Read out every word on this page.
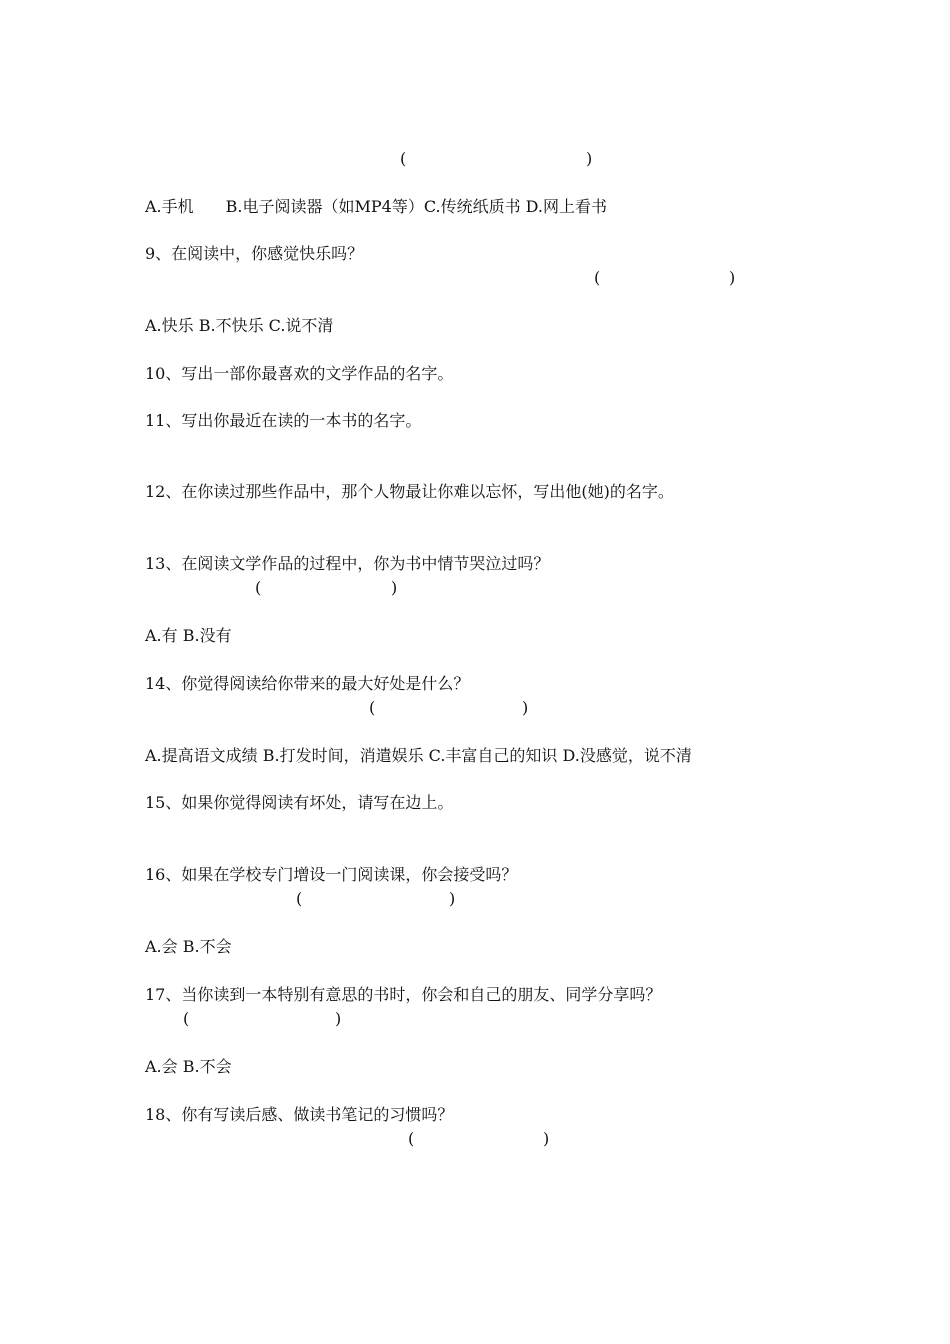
(	)
A.手机　　B.电子阅读器（如MP4等）C.传统纸质书 D.网上看书
9、在阅读中，你感觉快乐吗？
(	)
A.快乐 B.不快乐 C.说不清
10、写出一部你最喜欢的文学作品的名字。
11、写出你最近在读的一本书的名字。
12、在你读过那些作品中，那个人物最让你难以忘怀，写出他(她)的名字。
13、在阅读文学作品的过程中，你为书中情节哭泣过吗？
(	)
A.有 B.没有
14、你觉得阅读给你带来的最大好处是什么？
(	)
A.提高语文成绩 B.打发时间，消遣娱乐 C.丰富自己的知识 D.没感觉，说不清
15、如果你觉得阅读有坏处，请写在边上。
16、如果在学校专门增设一门阅读课，你会接受吗？
(	)
A.会 B.不会
17、当你读到一本特别有意思的书时，你会和自己的朋友、同学分享吗？
(	)
A.会 B.不会
18、你有写读后感、做读书笔记的习惯吗？
(	)
